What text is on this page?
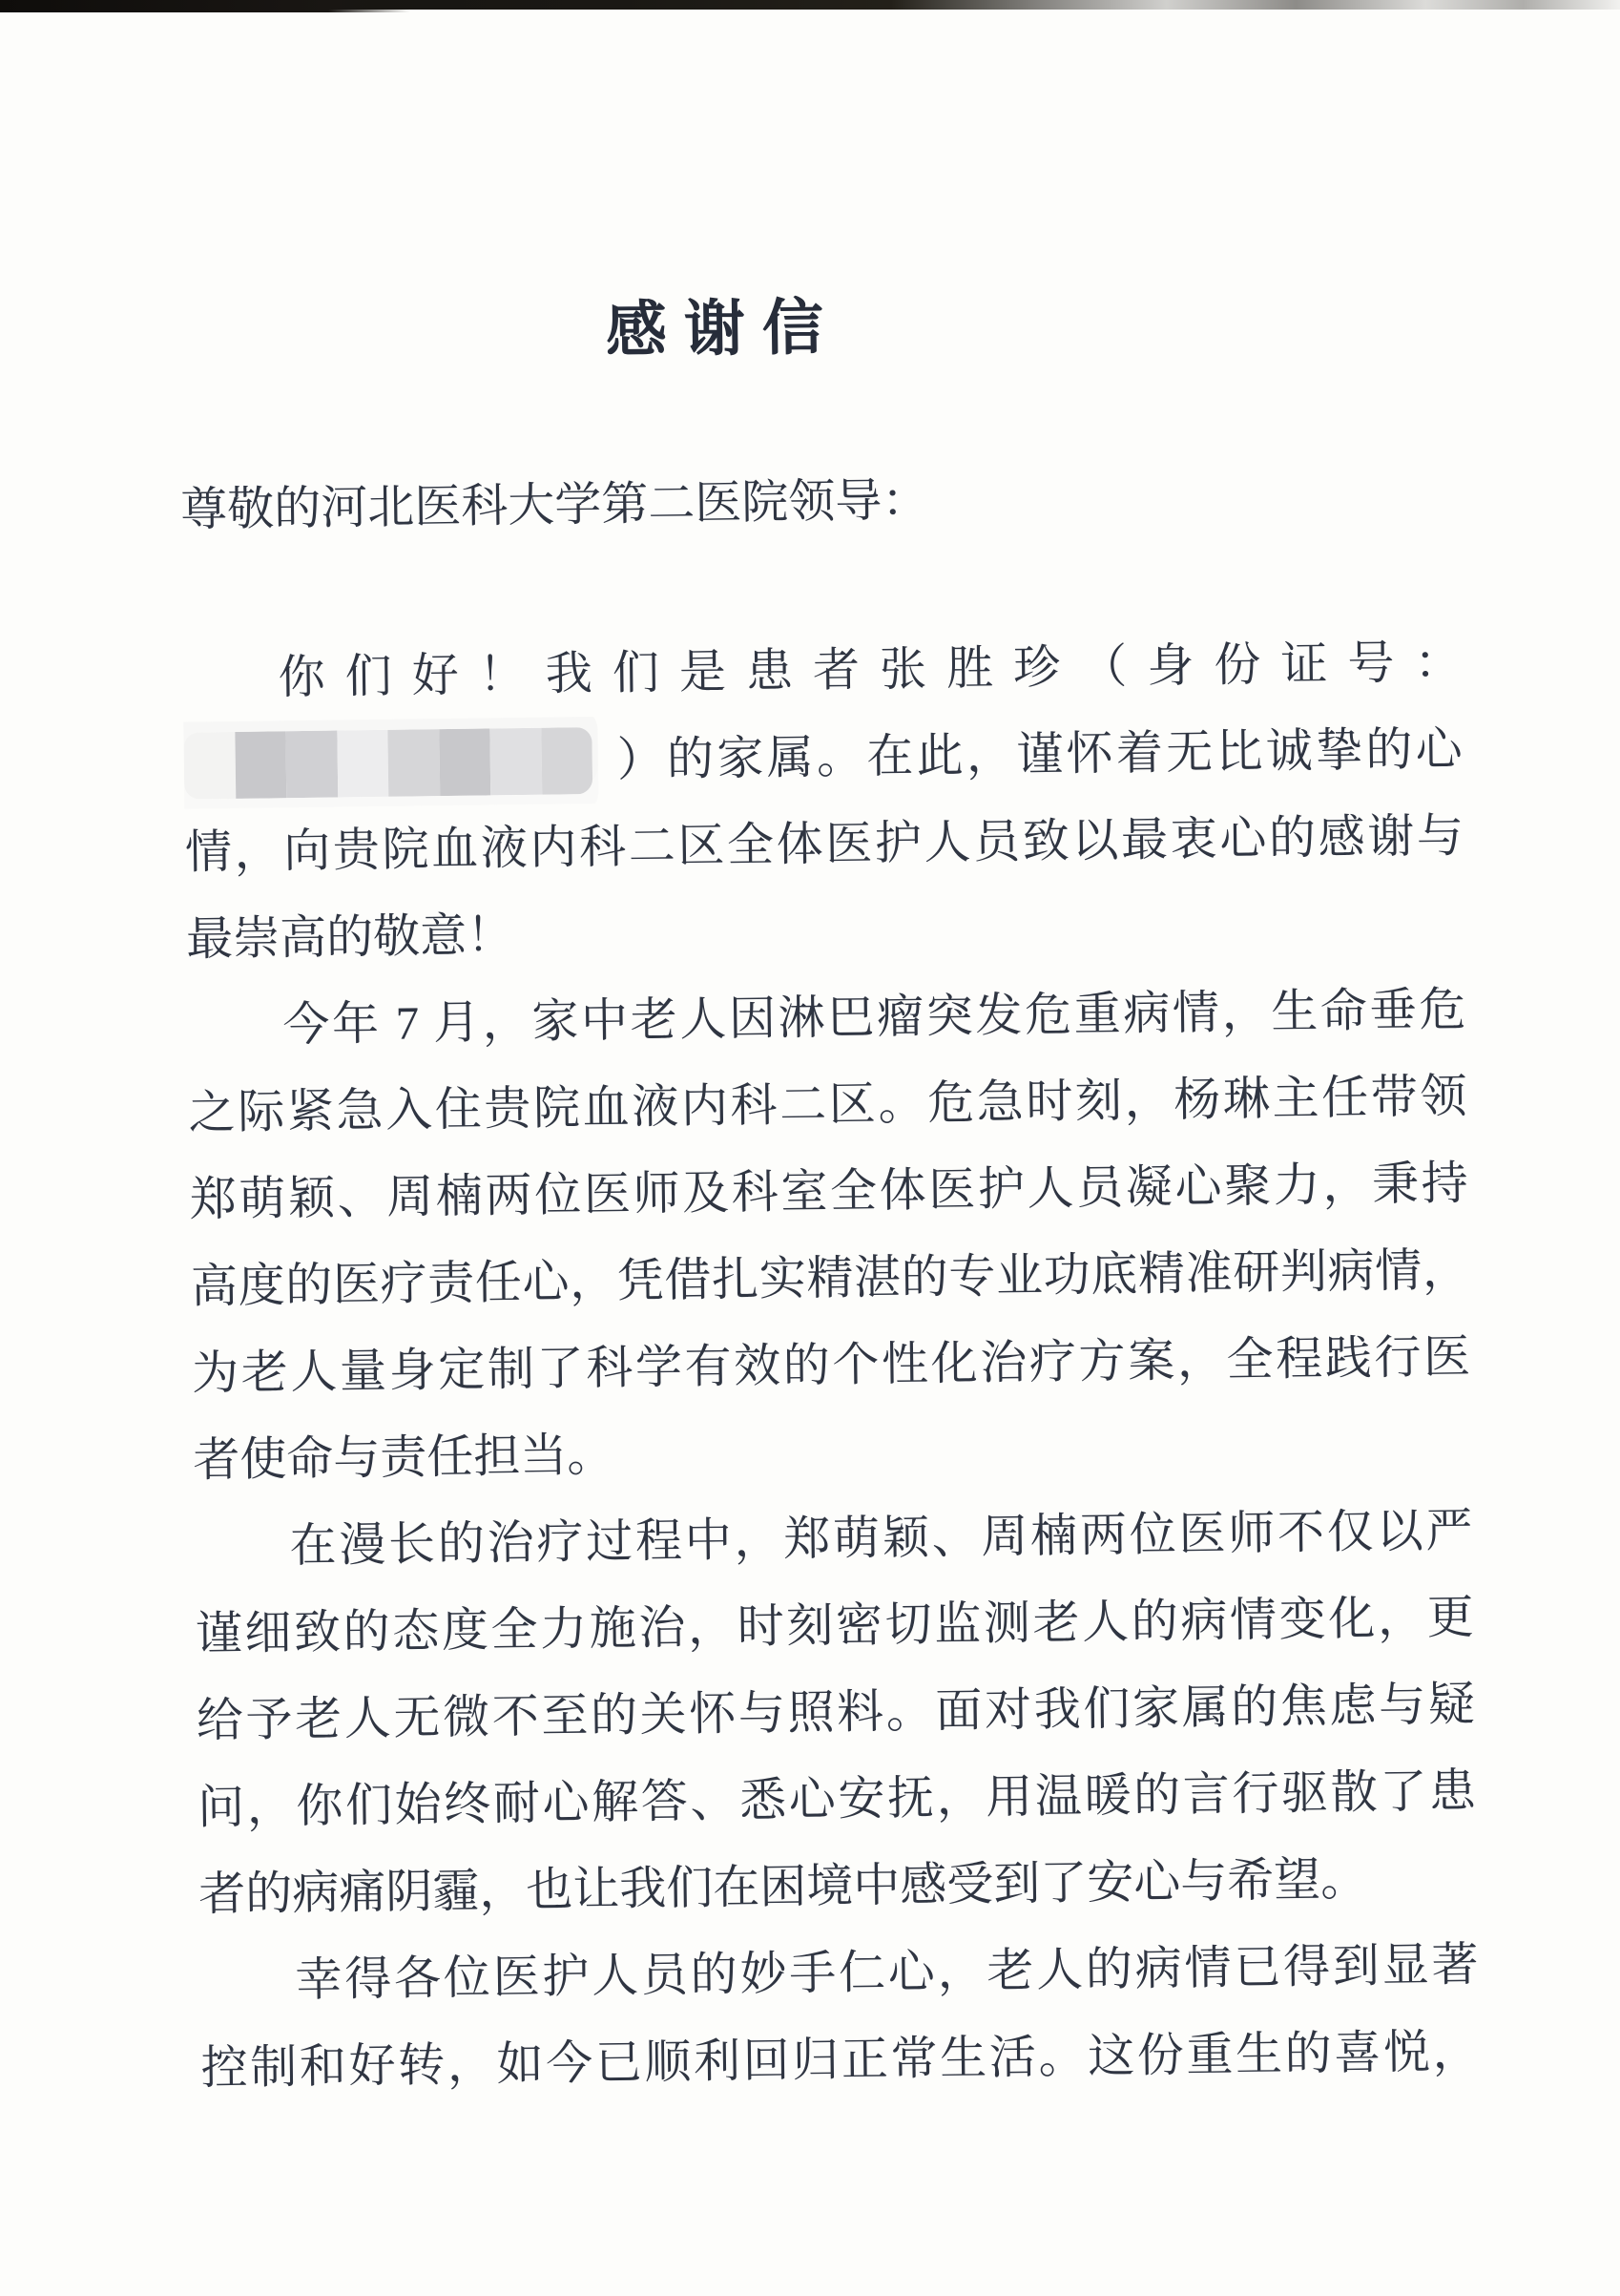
感谢信
尊敬的河北医科大学第二医院领导：
你们好！我们是患者张胜珍（身份证号：
）的家属。在此，谨怀着无比诚挚的心
情，向贵院血液内科二区全体医护人员致以最衷心的感谢与
最崇高的敬意！
今年 7 月，家中老人因淋巴瘤突发危重病情，生命垂危
之际紧急入住贵院血液内科二区。危急时刻，杨琳主任带领
郑萌颖、周楠两位医师及科室全体医护人员凝心聚力，秉持
高度的医疗责任心，凭借扎实精湛的专业功底精准研判病情，
为老人量身定制了科学有效的个性化治疗方案，全程践行医
者使命与责任担当。
在漫长的治疗过程中，郑萌颖、周楠两位医师不仅以严
谨细致的态度全力施治，时刻密切监测老人的病情变化，更
给予老人无微不至的关怀与照料。面对我们家属的焦虑与疑
问，你们始终耐心解答、悉心安抚，用温暖的言行驱散了患
者的病痛阴霾，也让我们在困境中感受到了安心与希望。
幸得各位医护人员的妙手仁心，老人的病情已得到显著
控制和好转，如今已顺利回归正常生活。这份重生的喜悦，
